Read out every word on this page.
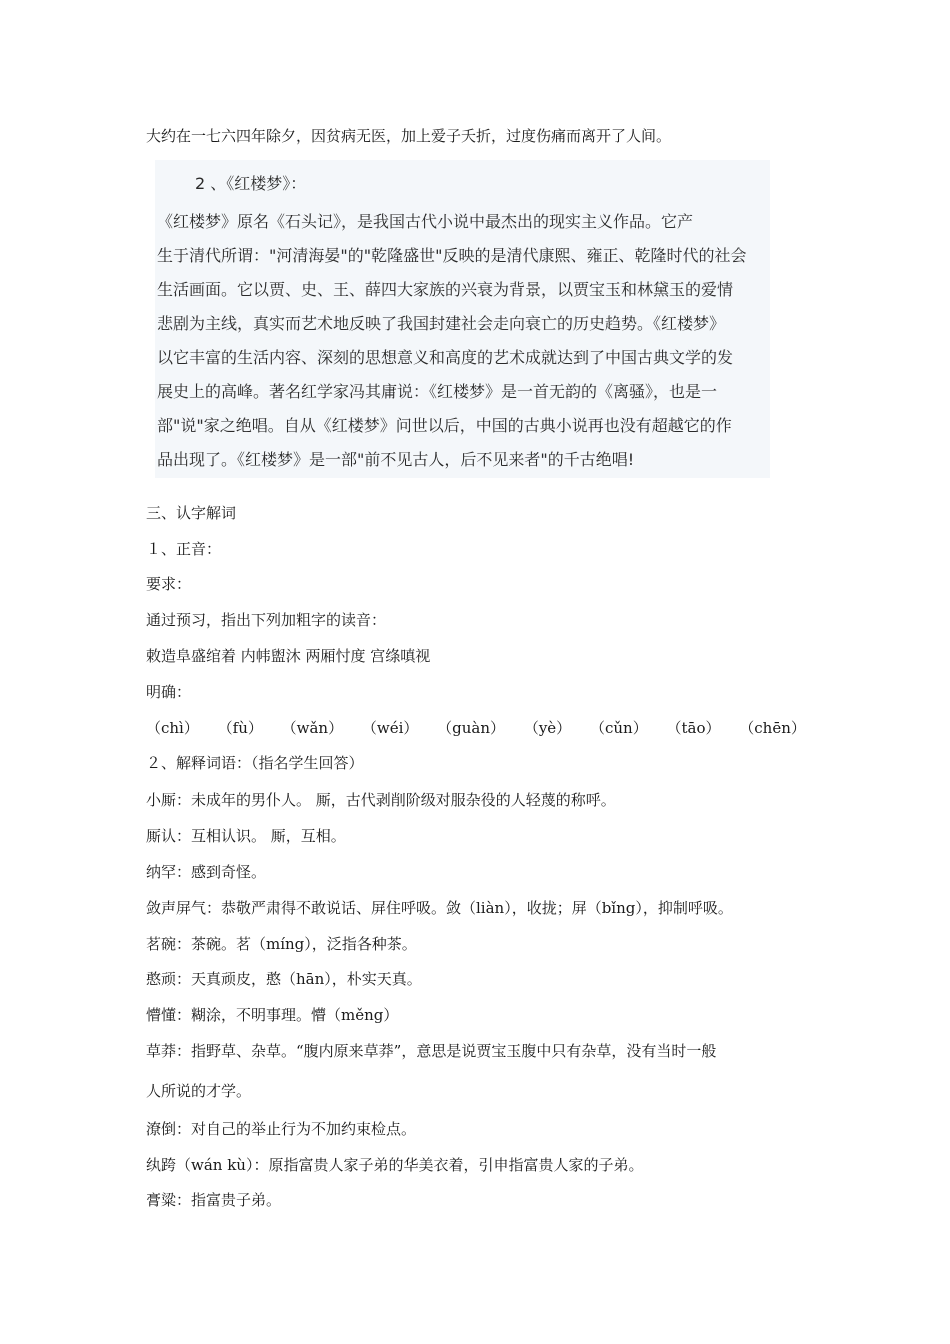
大约在一七六四年除夕，因贫病无医，加上爱子夭折，过度伤痛而离开了人间。

2 、《红楼梦》：

《红楼梦》原名《石头记》，是我国古代小说中最杰出的现实主义作品。它产

生于清代所谓："河清海晏"的"乾隆盛世"反映的是清代康熙、雍正、乾隆时代的社会

生活画面。它以贾、史、王、薛四大家族的兴衰为背景，以贾宝玉和林黛玉的爱情

悲剧为主线，真实而艺术地反映了我国封建社会走向衰亡的历史趋势。《红楼梦》

以它丰富的生活内容、深刻的思想意义和高度的艺术成就达到了中国古典文学的发

展史上的高峰。著名红学家冯其庸说：《红楼梦》是一首无韵的《离骚》，也是一

部"说"家之绝唱。自从《红楼梦》问世以后，中国的古典小说再也没有超越它的作

品出现了。《红楼梦》是一部"前不见古人，后不见来者"的千古绝唱!

三、认字解词

１、正音：

要求：

通过预习，指出下列加粗字的读音：

敕造阜盛绾着 内帏盥沐 两厢忖度 宫绦嗔视

明确：

（chì） （fù） （wǎn） （wéi） （guàn） （yè） （cǔn） （tāo） （chēn）

２、解释词语：（指名学生回答）

小厮：未成年的男仆人。 厮，古代剥削阶级对服杂役的人轻蔑的称呼。

厮认：互相认识。 厮，互相。

纳罕：感到奇怪。

敛声屏气：恭敬严肃得不敢说话、屏住呼吸。敛（liàn），收拢；屏（bǐng），抑制呼吸。

茗碗：茶碗。茗（míng），泛指各种茶。

憨顽：天真顽皮，憨（hān），朴实天真。

懵懂：糊涂，不明事理。懵（měng）

草莽：指野草、杂草。“腹内原来草莽”，意思是说贾宝玉腹中只有杂草，没有当时一般

人所说的才学。

潦倒：对自己的举止行为不加约束检点。

纨跨（wán kù）：原指富贵人家子弟的华美衣着，引申指富贵人家的子弟。

膏粱：指富贵子弟。
